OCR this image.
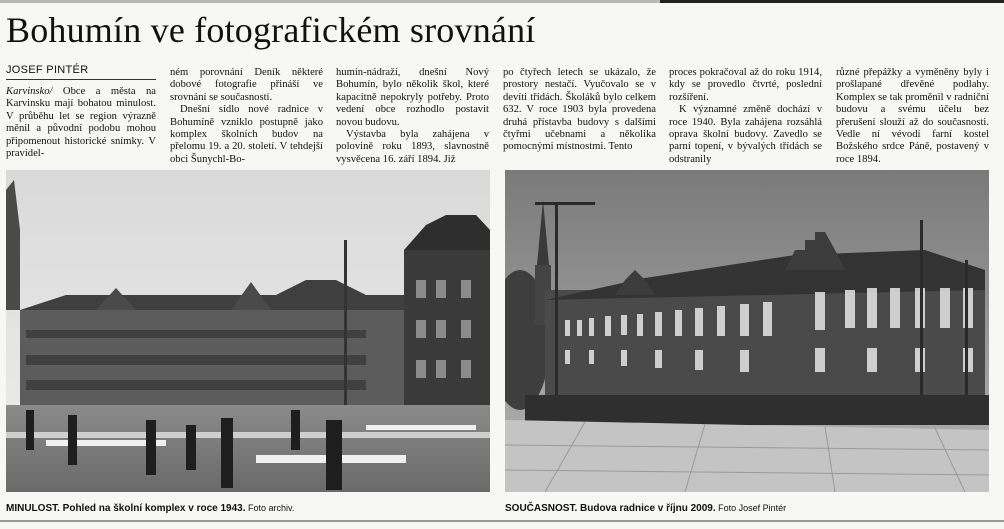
Bohumín ve fotografickém srovnání
JOSEF PINTÉR

Karvinsko/ Obce a města na Karvinsku mají bohatou minulost. V průběhu let se region výrazně měnil a původní podobu mohou připomenout historické snímky. V pravidel-

ném porovnání Deník některé dobové fotografie přináší ve srovnání se současností.

Dnešní sídlo nové radnice v Bohumíně vzniklo postupně jako komplex školních budov na přelomu 19. a 20. století. V tehdejší obci Šunychl-Bo-

humín-nádraží, dnešní Nový Bohumín, bylo několik škol, které kapacitně nepokryly potřeby. Proto vedení obce rozhodlo postavit novou budovu.

Výstavba byla zahájena v polovině roku 1893, slavnostně vysvěcena 16. září 1894. Již

po čtyřech letech se ukázalo, že prostory nestačí. Vyučovalo se v devíti třídách. Školáků bylo celkem 632. V roce 1903 byla provedena druhá přístavba budovy s dalšími čtyřmi učebnami a několika pomocnými místnostmi. Tento

proces pokračoval až do roku 1914, kdy se provedlo čtvrté, poslední rozšíření.

K významné změně dochází v roce 1940. Byla zahájena rozsáhlá oprava školní budovy. Zavedlo se parní topení, v bývalých třídách se odstranily

různé přepážky a vyměněny byly i prošlapané dřevěné podlahy. Komplex se tak proměnil v radniční budovu a svému účelu bez přerušení slouží až do současnosti. Vedle ní vévodí farní kostel Božského srdce Páně, postavený v roce 1894.

MINULOST. Pohled na školní komplex v roce 1943. Foto archiv.	SOUČASNOST. Budova radnice v říjnu 2009. Foto Josef Pintér
